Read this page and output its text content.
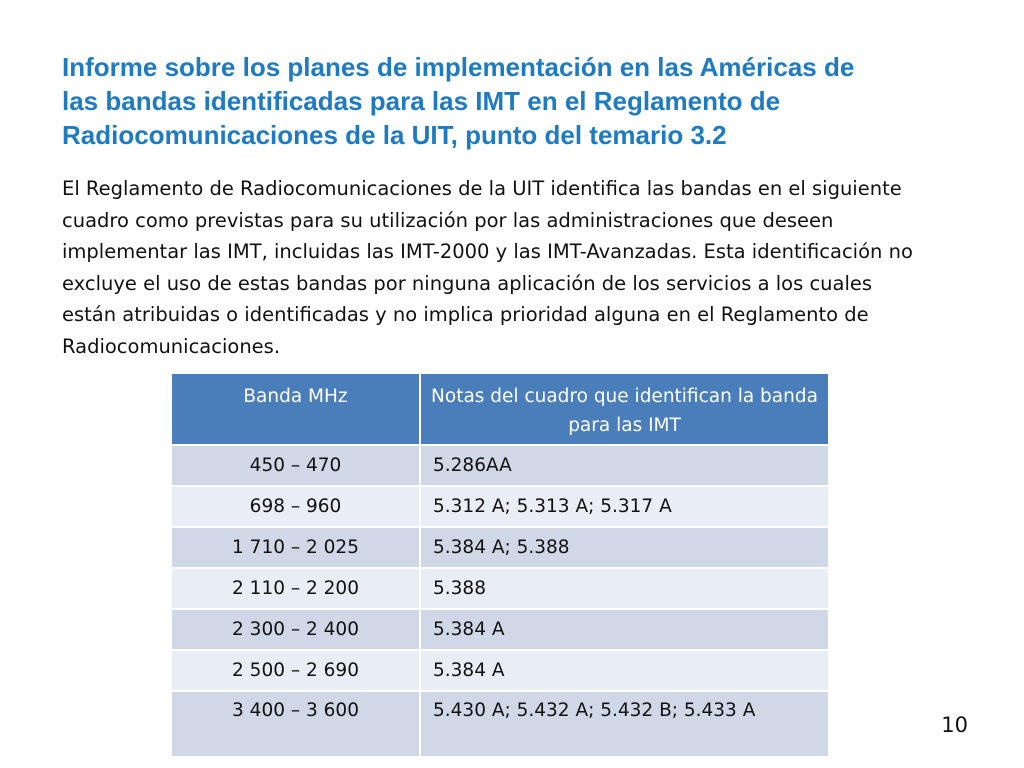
Informe sobre los planes de implementación en las Américas de
las bandas identificadas para las IMT en el Reglamento de
Radiocomunicaciones de la UIT, punto del temario 3.2

El Reglamento de Radiocomunicaciones de la UIT identifica las bandas en el siguiente
cuadro como previstas para su utilización por las administraciones que deseen
implementar las IMT, incluidas las IMT-2000 y las IMT-Avanzadas. Esta identificación no
excluye el uso de estas bandas por ninguna aplicación de los servicios a los cuales
están atribuidas o identificadas y no implica prioridad alguna en el Reglamento de
Radiocomunicaciones.

Banda MHz	Notas del cuadro que identifican la banda para las IMT
450 – 470	5.286AA
698 – 960	5.312 A; 5.313 A; 5.317 A
1 710 – 2 025	5.384 A; 5.388
2 110 – 2 200	5.388
2 300 – 2 400	5.384 A
2 500 – 2 690	5.384 A
3 400 – 3 600	5.430 A; 5.432 A; 5.432 B; 5.433 A
10
